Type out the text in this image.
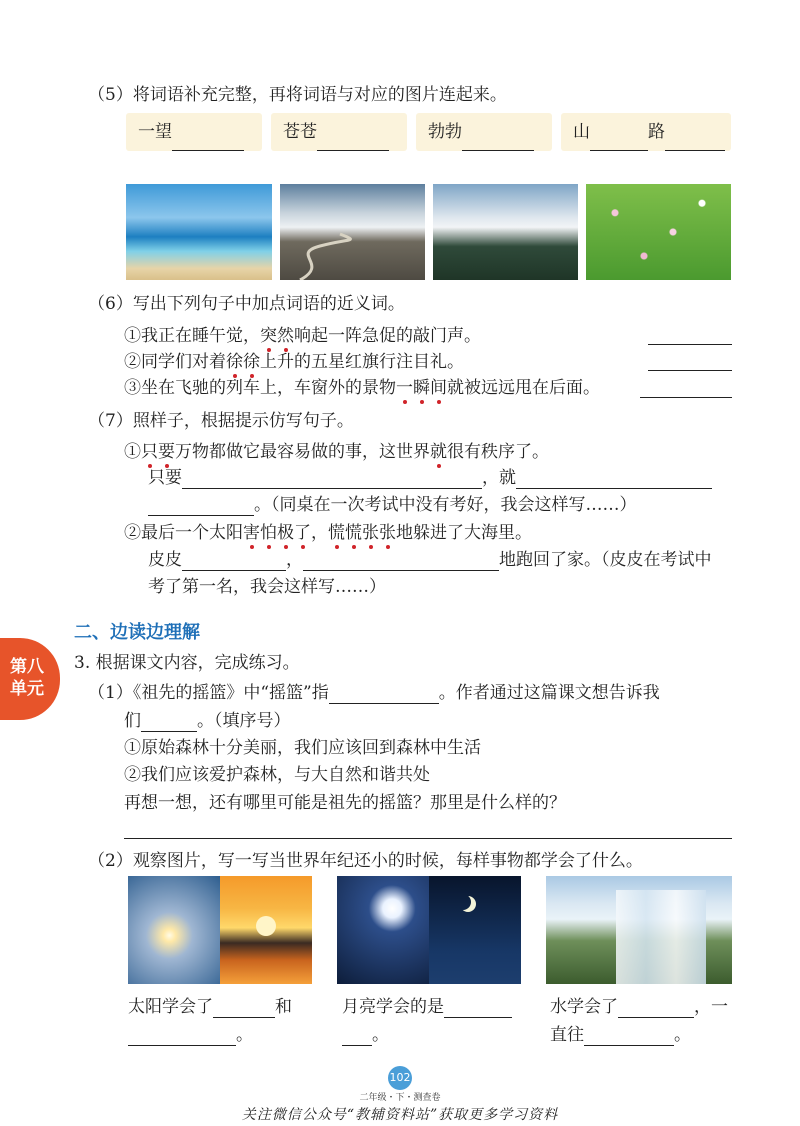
（5）将词语补充完整，再将词语与对应的图片连起来。
一望	苍苍	勃勃	山	路
（6）写出下列句子中加点词语的近义词。
①我正在睡午觉，突然响起一阵急促的敲门声。
②同学们对着徐徐上升的五星红旗行注目礼。
③坐在飞驰的列车上，车窗外的景物一瞬间就被远远甩在后面。
（7）照样子，根据提示仿写句子。
①只要万物都做它最容易做的事，这世界就很有秩序了。
只要	，就
。（同桌在一次考试中没有考好，我会这样写……）
②最后一个太阳害怕极了，慌慌张张地躲进了大海里。
皮皮	，	地跑回了家。（皮皮在考试中
考了第一名，我会这样写……）
二、边读边理解
第八
单元
3. 根据课文内容，完成练习。
（1）《祖先的摇篮》中“摇篮”指	。作者通过这篇课文想告诉我
们	。（填序号）
①原始森林十分美丽，我们应该回到森林中生活
②我们应该爱护森林，与大自然和谐共处
再想一想，还有哪里可能是祖先的摇篮？那里是什么样的？
（2）观察图片，写一写当世界年纪还小的时候，每样事物都学会了什么。
太阳学会了	和
。
月亮学会的是
。
水学会了	，一
直往	。
102
二年级・下・测查卷
关注微信公众号“教辅资料站”获取更多学习资料
